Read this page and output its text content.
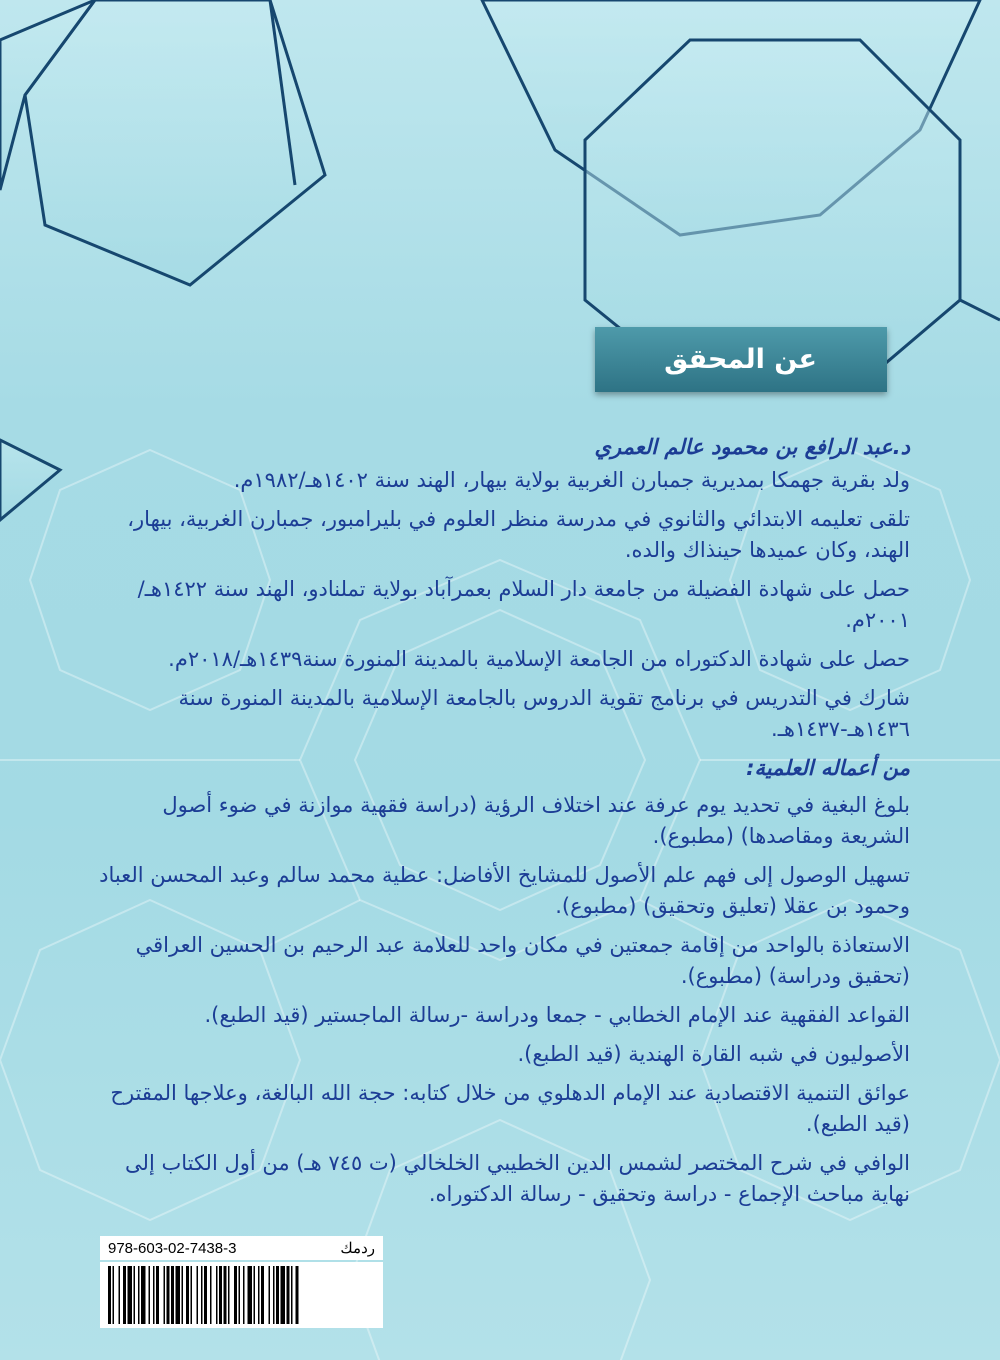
عن المحقق

د.عبد الرافع بن محمود عالم العمري

ولد بقرية جهمكا بمديرية جمبارن الغربية بولاية بيهار، الهند سنة ١٤٠٢هـ/١٩٨٢م.

تلقى تعليمه الابتدائي والثانوي في مدرسة منظر العلوم في بليرامبور، جمبارن الغربية، بيهار، الهند، وكان عميدها حينذاك والده.

حصل على شهادة الفضيلة من جامعة دار السلام بعمرآباد بولاية تملنادو، الهند سنة ١٤٢٢هـ/٢٠٠١م.

حصل على شهادة الدكتوراه من الجامعة الإسلامية بالمدينة المنورة سنة١٤٣٩هـ/٢٠١٨م.

شارك في التدريس في برنامج تقوية الدروس بالجامعة الإسلامية بالمدينة المنورة سنة ١٤٣٦هـ-١٤٣٧هـ.

من أعماله العلمية:

بلوغ البغية في تحديد يوم عرفة عند اختلاف الرؤية (دراسة فقهية موازنة في ضوء أصول الشريعة ومقاصدها) (مطبوع).

تسهيل الوصول إلى فهم علم الأصول للمشايخ الأفاضل: عطية محمد سالم وعبد المحسن العباد وحمود بن عقلا (تعليق وتحقيق) (مطبوع).

الاستعاذة بالواحد من إقامة جمعتين في مكان واحد للعلامة عبد الرحيم بن الحسين العراقي (تحقيق ودراسة) (مطبوع).

القواعد الفقهية عند الإمام الخطابي - جمعا ودراسة -رسالة الماجستير (قيد الطبع).

الأصوليون في شبه القارة الهندية (قيد الطبع).

عوائق التنمية الاقتصادية عند الإمام الدهلوي من خلال كتابه: حجة الله البالغة، وعلاجها المقترح (قيد الطبع).

الوافي في شرح المختصر لشمس الدين الخطيبي الخلخالي (ت ٧٤٥ هـ) من أول الكتاب إلى نهاية مباحث الإجماع - دراسة وتحقيق - رسالة الدكتوراه.

978-603-02-7438-3	ردمك
